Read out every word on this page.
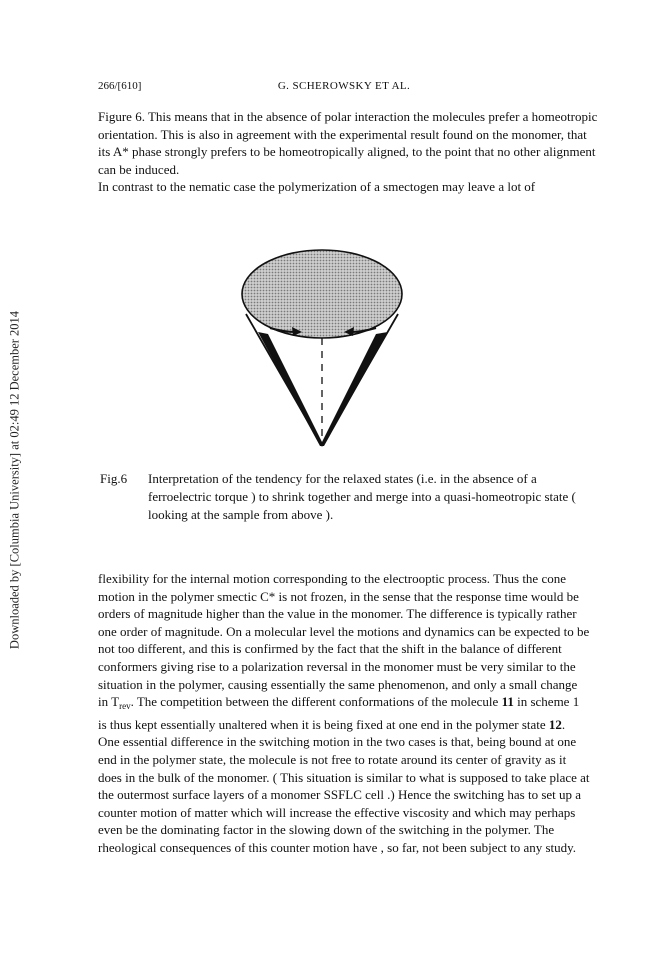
Downloaded by [Columbia University] at 02:49 12 December 2014
266/[610]	G. SCHEROWSKY ET AL.

Figure 6. This means that in the absence of polar interaction the molecules prefer a homeotropic orientation. This is also in agreement with the experimental result found on the monomer, that its A* phase strongly prefers to be homeotropically aligned, to the point that no other alignment can be induced.
In contrast to the nematic case the polymerization of a smectogen may leave a lot of

Fig.6 Interpretation of the tendency for the relaxed states (i.e. in the absence of a ferroelectric torque ) to shrink together and merge into a quasi-homeotropic state ( looking at the sample from above ).

flexibility for the internal motion corresponding to the electrooptic process. Thus the cone motion in the polymer smectic C* is not frozen, in the sense that the response time would be orders of magnitude higher than the value in the monomer. The difference is typically rather one order of magnitude. On a molecular level the motions and dynamics can be expected to be not too different, and this is confirmed by the fact that the shift in the balance of different conformers giving rise to a polarization reversal in the monomer must be very similar to the situation in the polymer, causing essentially the same phenomenon, and only a small change in $T_{rev}$. The competition between the different conformations of the molecule 11 in scheme 1 is thus kept essentially unaltered when it is being fixed at one end in the polymer state 12. One essential difference in the switching motion in the two cases is that, being bound at one end in the polymer state, the molecule is not free to rotate around its center of gravity as it does in the bulk of the monomer. ( This situation is similar to what is supposed to take place at the outermost surface layers of a monomer SSFLC cell .) Hence the switching has to set up a counter motion of matter which will increase the effective viscosity and which may perhaps even be the dominating factor in the slowing down of the switching in the polymer. The rheological consequences of this counter motion have , so far, not been subject to any study.
